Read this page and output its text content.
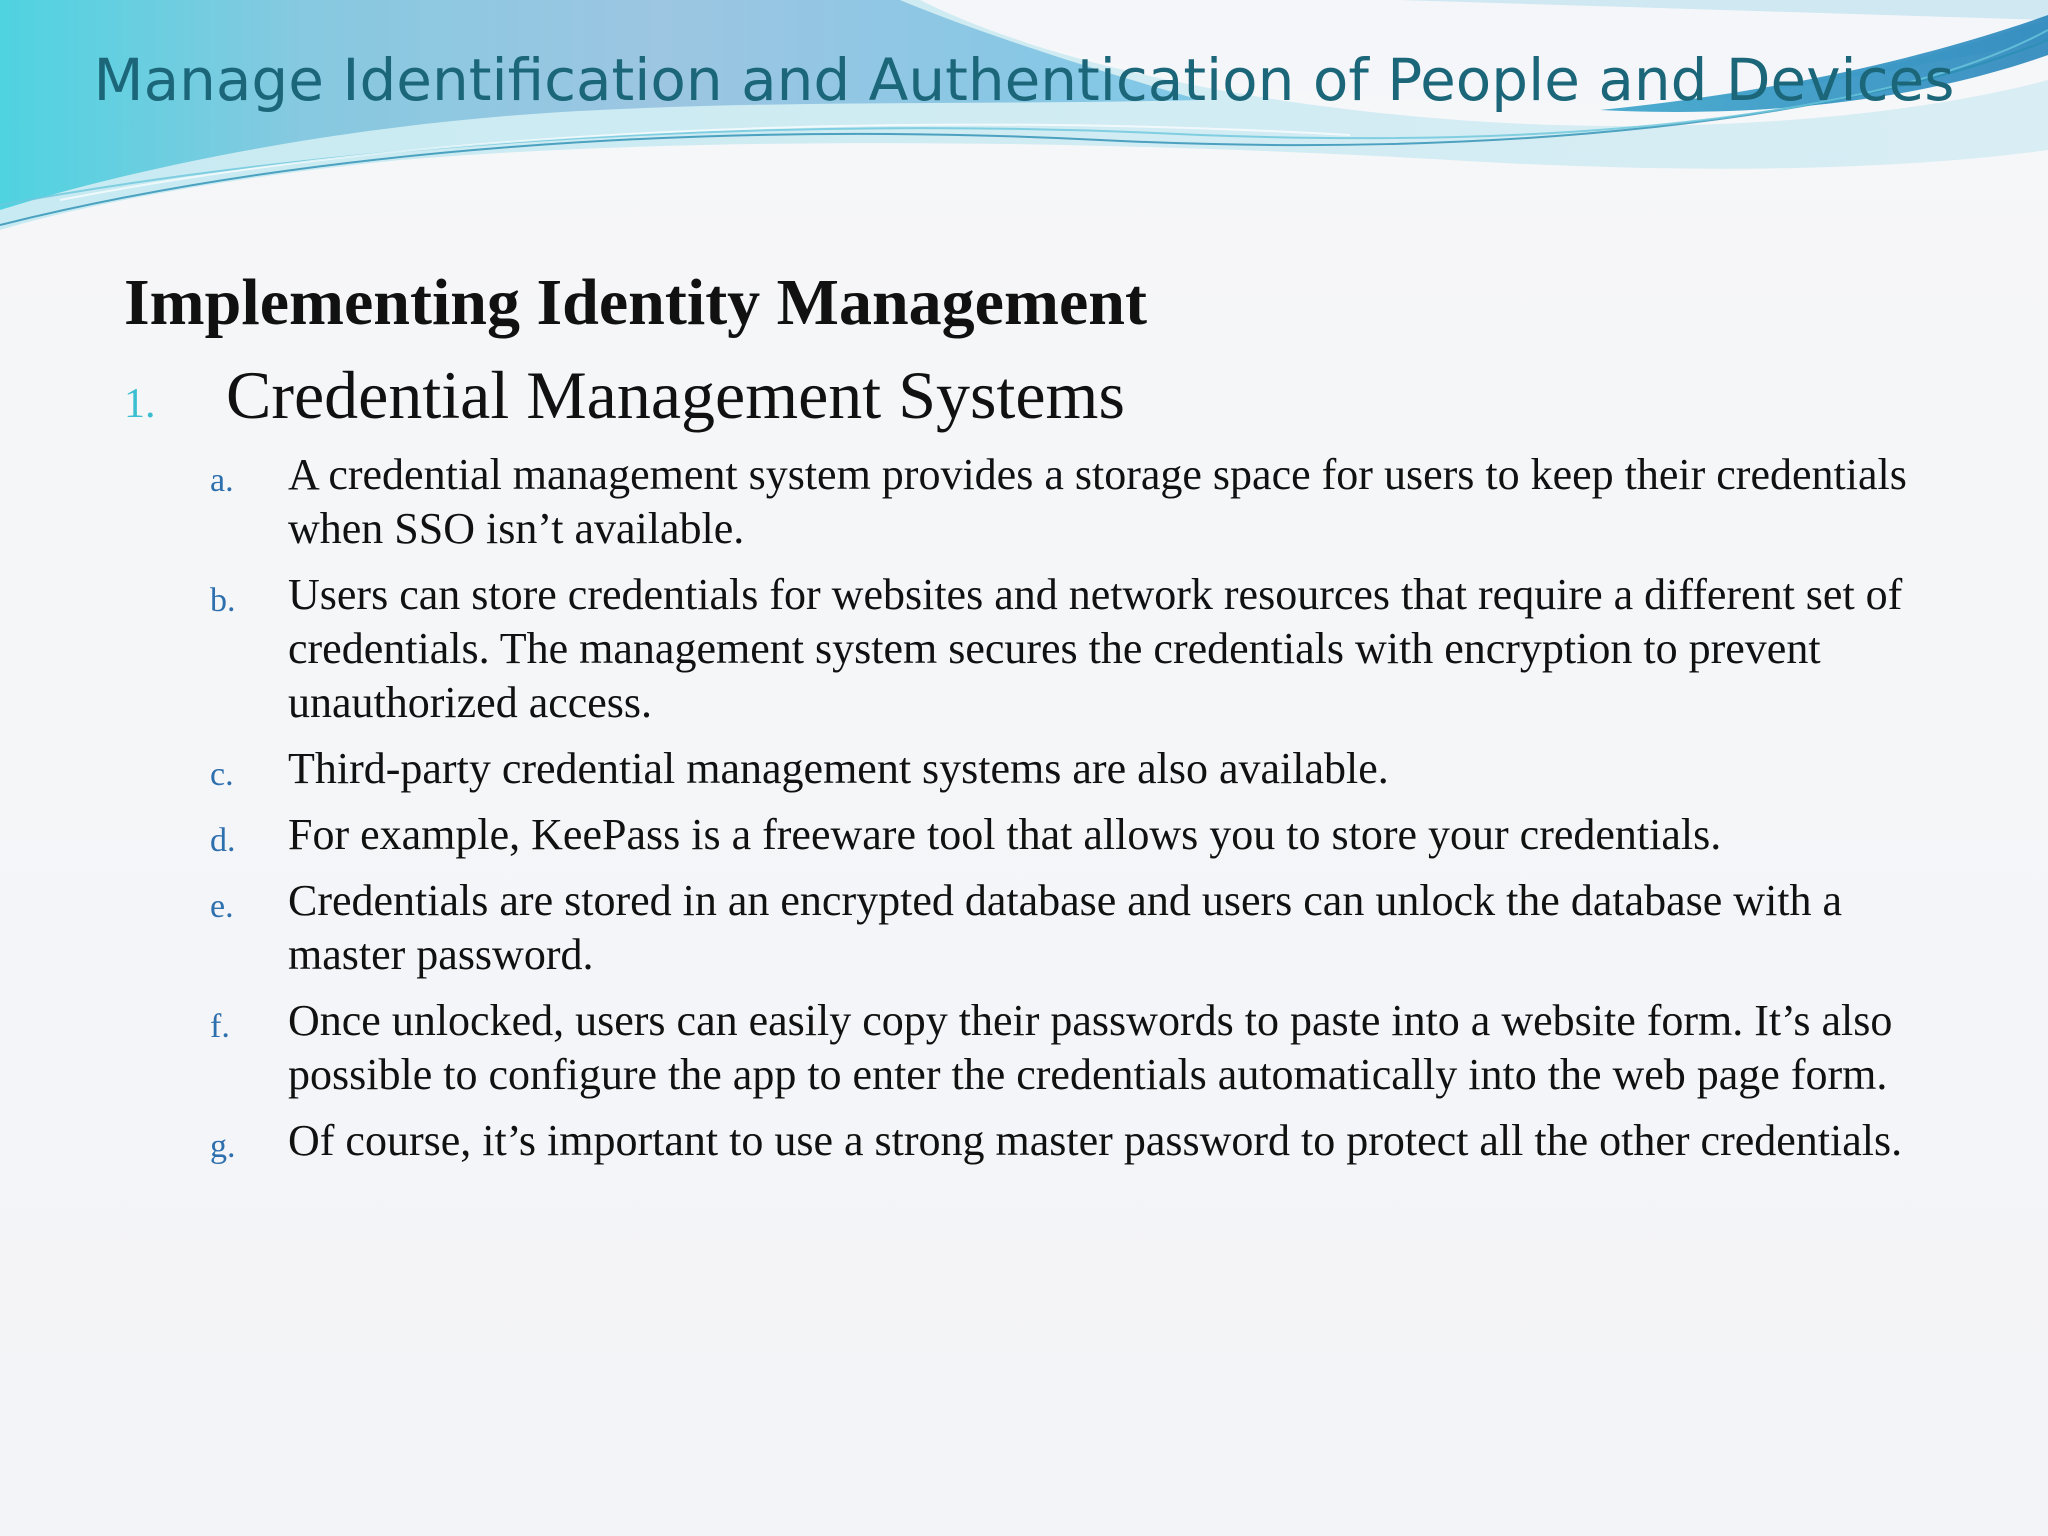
Manage Identification and Authentication of People and Devices
Implementing Identity Management
1. Credential Management Systems
a. A credential management system provides a storage space for users to keep their credentials when SSO isn’t available.
b. Users can store credentials for websites and network resources that require a different set of credentials. The management system secures the credentials with encryption to prevent unauthorized access.
c. Third-party credential management systems are also available.
d. For example, KeePass is a freeware tool that allows you to store your credentials.
e. Credentials are stored in an encrypted database and users can unlock the database with a master password.
f. Once unlocked, users can easily copy their passwords to paste into a website form. It’s also possible to configure the app to enter the credentials automatically into the web page form.
g. Of course, it’s important to use a strong master password to protect all the other credentials.
